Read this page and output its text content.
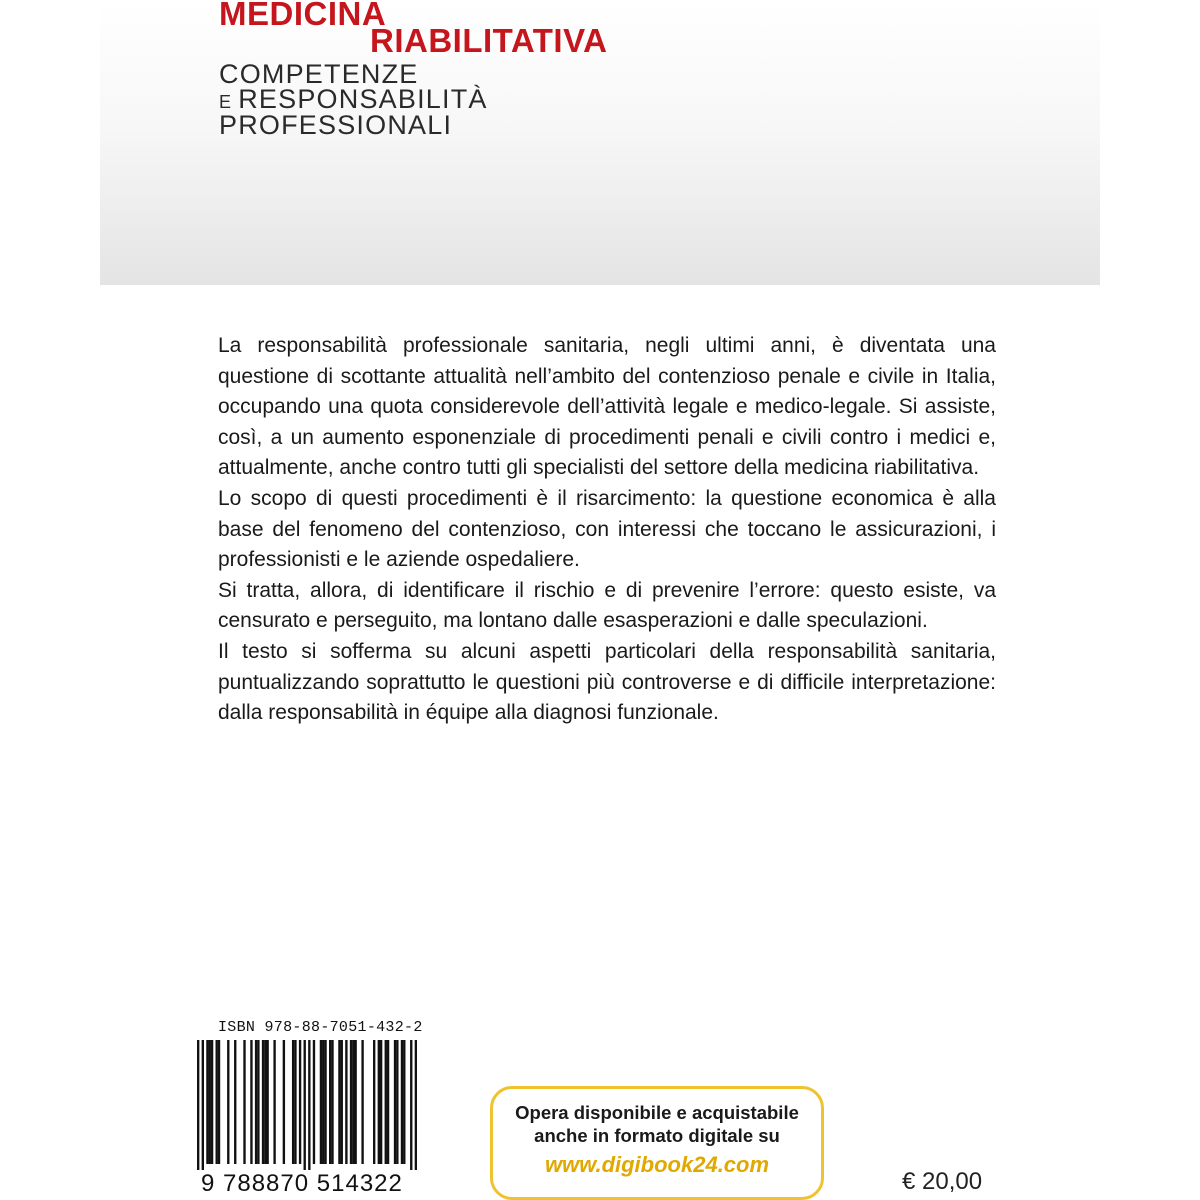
MEDICINA
RIABILITATIVA
COMPETENZE
E RESPONSABILITÀ
PROFESSIONALI

La responsabilità professionale sanitaria, negli ultimi anni, è diventata una questione di scottante attualità nell’ambito del contenzioso penale e civile in Italia, occupando una quota considerevole dell’attività legale e medico-legale. Si assiste, così, a un aumento esponenziale di procedimenti penali e civili contro i medici e, attualmente, anche contro tutti gli specialisti del settore della medicina riabilitativa.

Lo scopo di questi procedimenti è il risarcimento: la questione economica è alla base del fenomeno del contenzioso, con interessi che toccano le assicurazioni, i professionisti e le aziende ospedaliere.

Si tratta, allora, di identificare il rischio e di prevenire l’errore: questo esiste, va censurato e perseguito, ma lontano dalle esasperazioni e dalle speculazioni.

Il testo si sofferma su alcuni aspetti particolari della responsabilità sanitaria, puntualizzando soprattutto le questioni più controverse e di difficile interpretazione: dalla responsabilità in équipe alla diagnosi funzionale.

ISBN 978-88-7051-432-2
9 788870 514322
Opera disponibile e acquistabile
anche in formato digitale su
www.digibook24.com
€ 20,00
